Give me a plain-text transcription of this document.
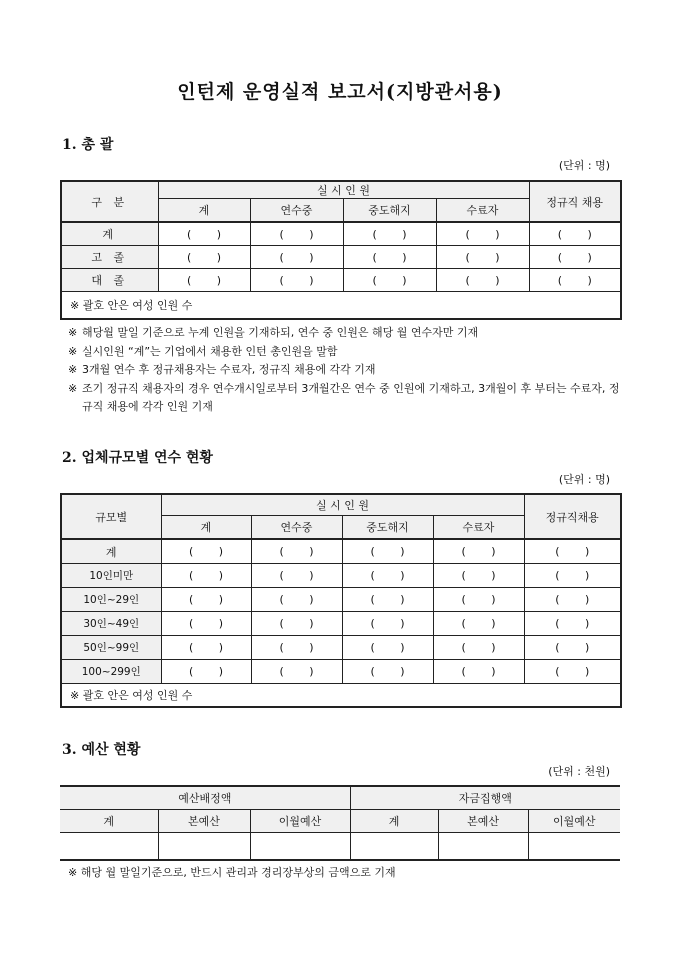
인턴제 운영실적 보고서(지방관서용)
1. 총 괄
(단위 : 명)
구 분	실 시 인 원				정규직 채용
	계	연수중	중도해지	수료자	
계	( )	( )	( )	( )	( )
고 졸	( )	( )	( )	( )	( )
대 졸	( )	( )	( )	( )	( )
※ 괄호 안은 여성 인원 수					
※ 해당월 말일 기준으로 누계 인원을 기재하되, 연수 중 인원은 해당 월 연수자만 기재
※ 실시인원 “계”는 기업에서 채용한 인턴 총인원을 말함
※ 3개월 연수 후 정규채용자는 수료자, 정규직 채용에 각각 기재
※ 조기 정규직 채용자의 경우 연수개시일로부터 3개월간은 연수 중 인원에 기재하고, 3개월이 후 부터는 수료자, 정규직 채용에 각각 인원 기재
2. 업체규모별 연수 현황
(단위 : 명)
규모별	실 시 인 원				정규직채용
	계	연수중	중도해지	수료자	
계	( )	( )	( )	( )	( )
10인미만	( )	( )	( )	( )	( )
10인~29인	( )	( )	( )	( )	( )
30인~49인	( )	( )	( )	( )	( )
50인~99인	( )	( )	( )	( )	( )
100~299인	( )	( )	( )	( )	( )
※ 괄호 안은 여성 인원 수					
3. 예산 현황
(단위 : 천원)
예산배정액			자금집행액		
계	본예산	이월예산	계	본예산	이월예산

※ 해당 월 말일기준으로, 반드시 관리과 경리장부상의 금액으로 기재
